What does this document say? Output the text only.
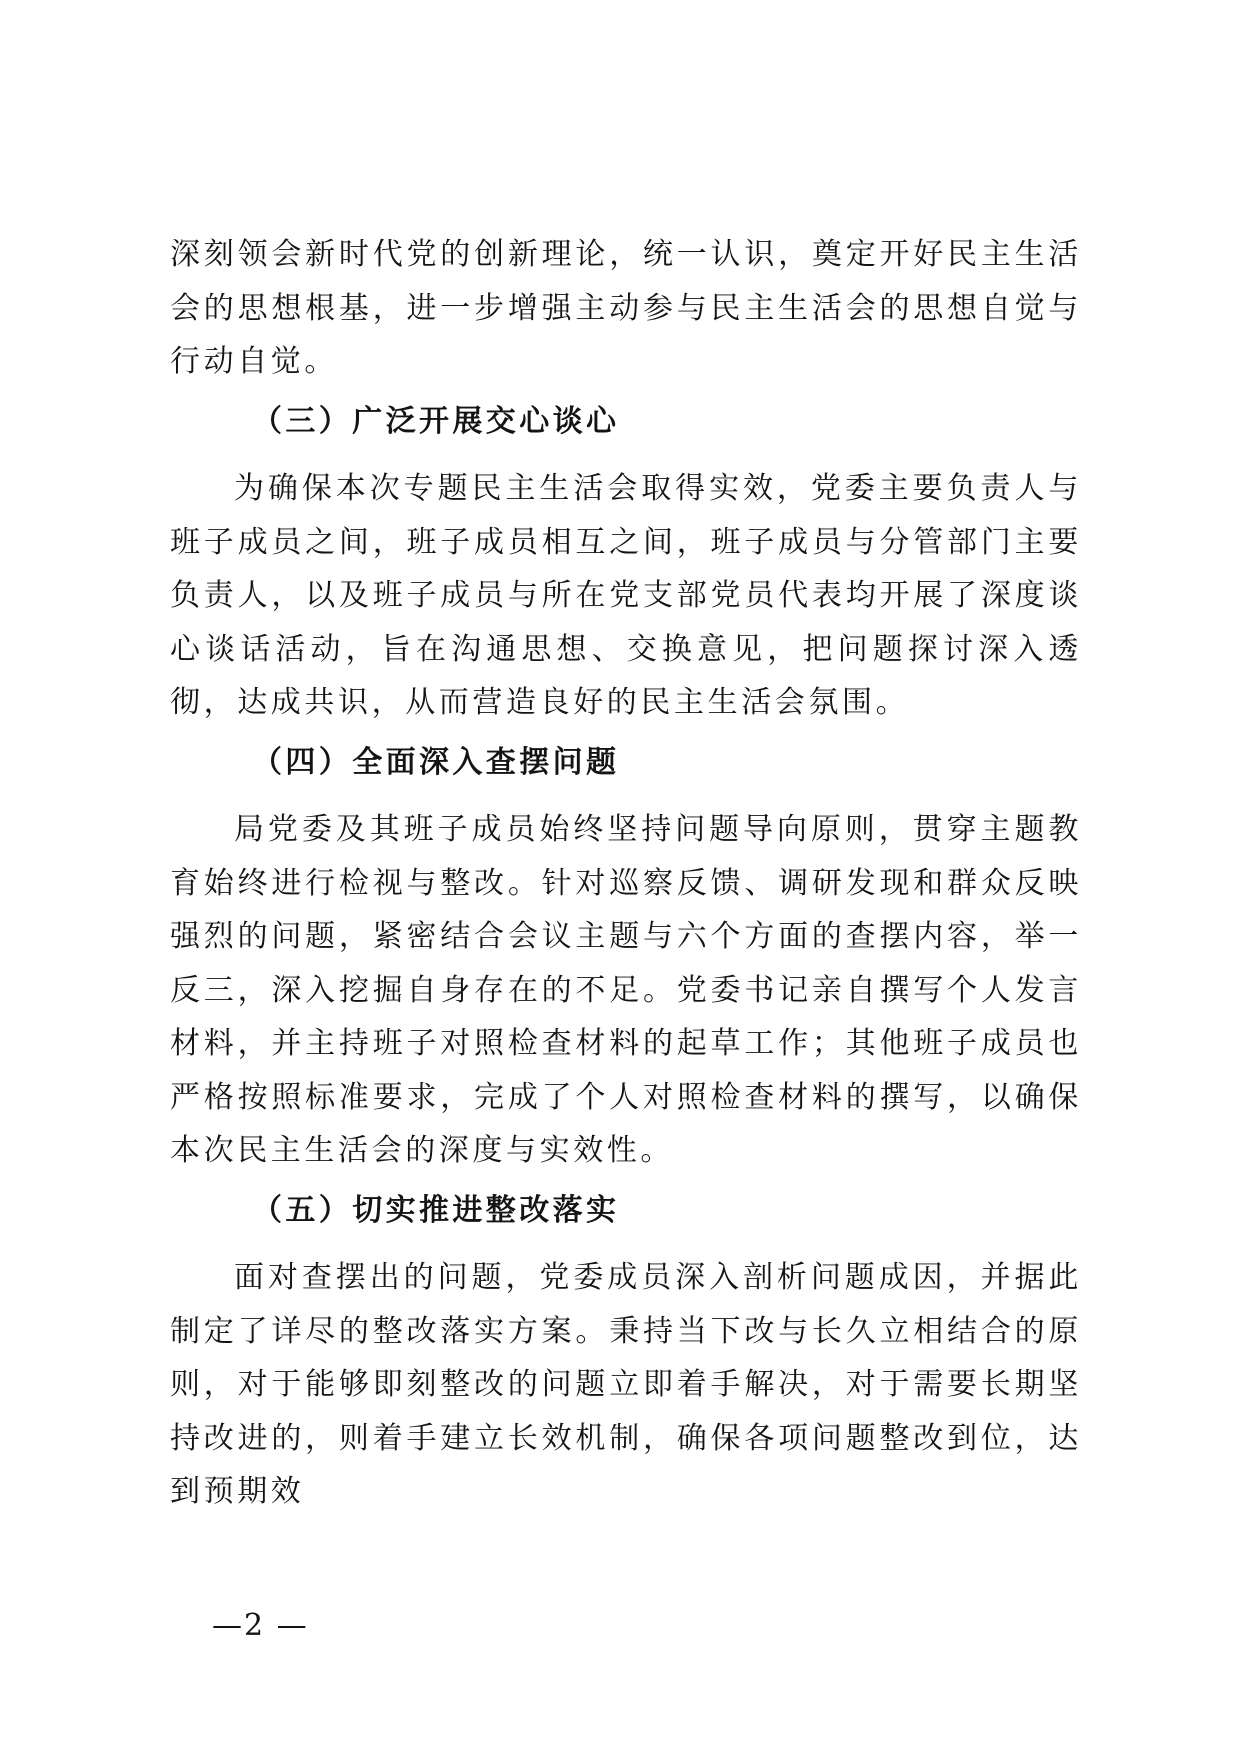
深刻领会新时代党的创新理论，统一认识，奠定开好民主生活会的思想根基，进一步增强主动参与民主生活会的思想自觉与行动自觉。

（三）广泛开展交心谈心

为确保本次专题民主生活会取得实效，党委主要负责人与班子成员之间，班子成员相互之间，班子成员与分管部门主要负责人，以及班子成员与所在党支部党员代表均开展了深度谈心谈话活动，旨在沟通思想、交换意见，把问题探讨深入透彻，达成共识，从而营造良好的民主生活会氛围。

（四）全面深入查摆问题

局党委及其班子成员始终坚持问题导向原则，贯穿主题教育始终进行检视与整改。针对巡察反馈、调研发现和群众反映强烈的问题，紧密结合会议主题与六个方面的查摆内容，举一反三，深入挖掘自身存在的不足。党委书记亲自撰写个人发言材料，并主持班子对照检查材料的起草工作；其他班子成员也严格按照标准要求，完成了个人对照检查材料的撰写，以确保本次民主生活会的深度与实效性。

（五）切实推进整改落实

面对查摆出的问题，党委成员深入剖析问题成因，并据此制定了详尽的整改落实方案。秉持当下改与长久立相结合的原则，对于能够即刻整改的问题立即着手解决，对于需要长期坚持改进的，则着手建立长效机制，确保各项问题整改到位，达到预期效

—2 —
